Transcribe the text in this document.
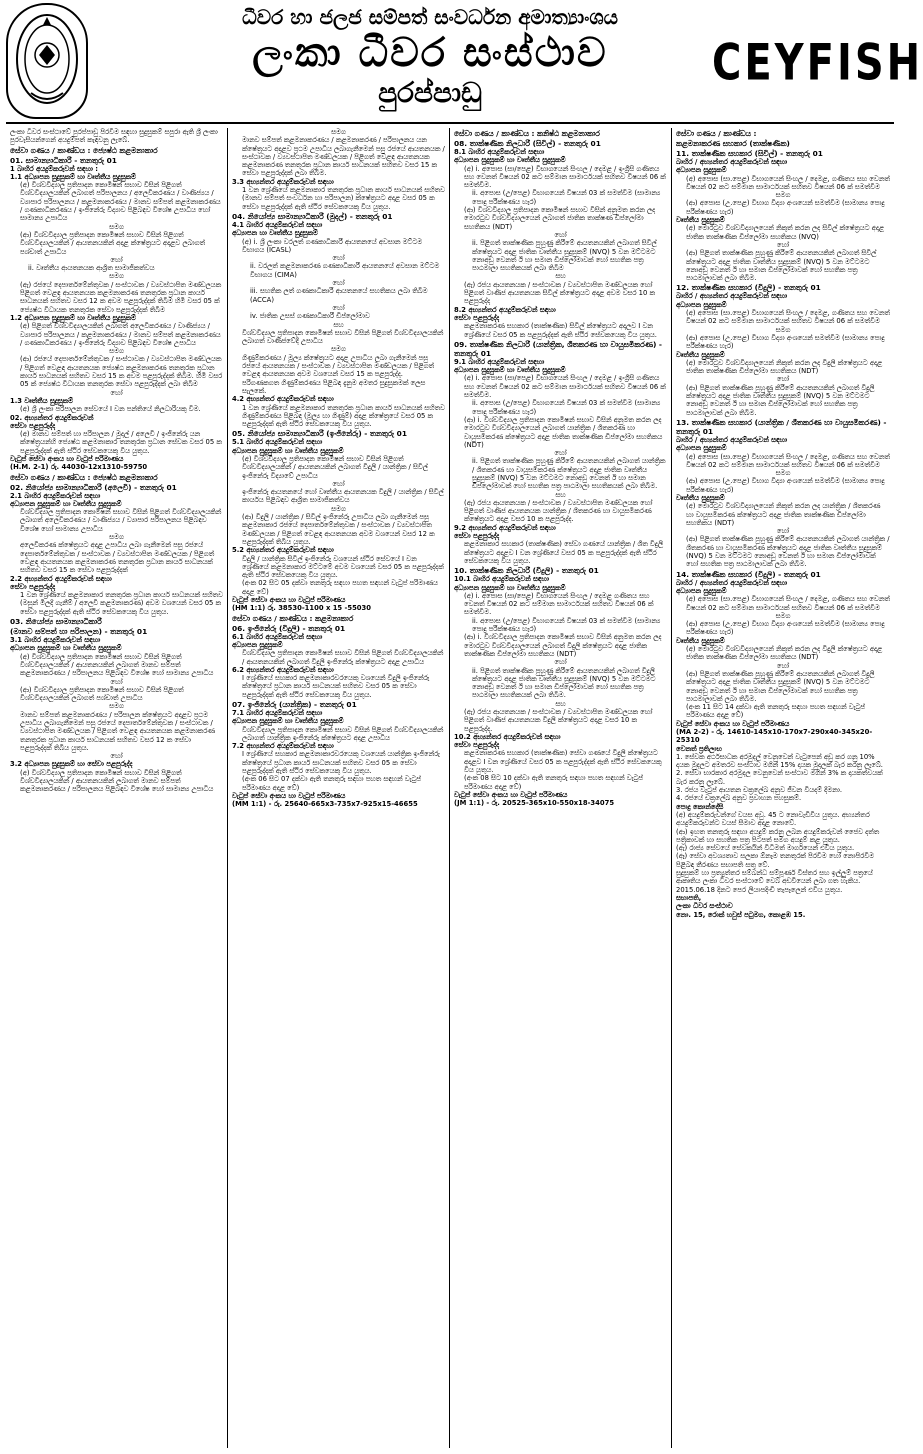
ධීවර හා ජලජ සම්පත් සංවර්ධන අමාත්‍යාංශය
ලංකා ධීවර සංස්ථාව
පුරප්පාඩු
CEYFISH

ලංකා ධීවර සංස්ථාවේ පුරප්පාඩු පිරවීම සඳහා සුදුසුකම් සපුරා ඇති ශ්‍රී ලංකා පුරවැසියන්ගෙන් අයදුම්පත් කැඳවනු ලැබේ.

සේවා ගණය / කාණ්ඩය : ජ්‍යෙෂ්ඨ කළමනාකාර

01. සාමාන්‍යාධිකාරී - තනතුරු 01

1 බාහිර අයදුම්කරුවන් සඳහා :

1.1 අධ්‍යාපන සුදුසුකම් හා වෘත්තීය සුදුසුකම්

(අ) විශ්වවිද්‍යාල ප්‍රතිපාදන කොමිෂන් සභාව විසින් පිළිගත් විශ්වවිද්‍යාලයකින් ලබාගත් පරිපාලනය / අලෙවිකරණය / වාණිජ්‍යය / ව්‍යාපාර පරිපාලනය / කළමනාකරණය / මානව සම්පත් කළමනාකරණය / ගණකාධිකරණය / ඉංජිනේරු විද්‍යාව පිළිබඳව විශේෂ උපාධිය හෝ සාමාන්‍ය උපාධිය

සමග

(ආ) විශ්වවිද්‍යාල ප්‍රතිපාදන කොමිෂන් සභාව විසින් පිළිගත් විශ්වවිද්‍යාලයකින් / ආයතනයකින් අදාළ ක්ෂේත්‍රයට අදාළව ලබාගත් පශ්චාත් උපාධිය

හෝ

ii. වෘත්තීය ආයතනයක ආශ්‍රිත සාමාජිකත්වය

සමග

(ඇ) රජයේ දෙපාර්තමේන්තුවක / සංස්ථාවක / ව්‍යවස්ථාපිත මණ්ඩලයක පිළිගත් වෙළඳ ආයතනයක කළමනාකරණ තනතුරක ප්‍රධාන කාර්ය සාධනයක් සහිතව වසර 12 ක අවම පළපුරුද්දක් තිබීම හිමි වසර 05 ක් ජ්‍යෙෂ්ඨ විධායක තනතුරක සේවා පළපුරුද්දක් තිබීම

1.2 අධ්‍යාපන සුදුසුකම් හා වෘත්තීය සුදුසුකම්

(අ) පිළිගත් විශ්වවිද්‍යාලයකින් ලබාගත් අලෙවිකරණය / වාණිජ්‍යය / ව්‍යාපාර පරිපාලනය / කළමනාකරණය / මානව සම්පත් කළමනාකරණය / ගණකාධිකරණය / ඉංජිනේරු විද්‍යාව පිළිබඳව විශේෂ උපාධිය

සමග

(ආ) රජයේ දෙපාර්තමේන්තුවක / සංස්ථාවක / ව්‍යවස්ථාපිත මණ්ඩලයක / පිළිගත් වෙළඳ ආයතනයක ජ්‍යෙෂ්ඨ කළමනාකරණ තනතුරක ප්‍රධාන කාර්ය සාධනයක් සහිතව වසර 15 ක අවම පළපුරුද්දක් තිබීම. හිමි වසර 05 ක් ජ්‍යෙෂ්ඨ විධායක තනතුරක සේවා පළපුරුද්දක් ලබා තිබීම

හෝ

1.3 වෘත්තීය සුදුසුකම්

(අ) ශ්‍රී ලංකා පරිපාලන සේවයේ I වන පන්තියේ නිලධාරියකු වීම.

02. අභ්‍යන්තර අයදුම්කරුවන්

සේවා පළපුරුද්ද

(අ) මානව සම්පත් හා පරිපාලන / මුදල් / අලෙවි / ඉංජිනේරු යන ක්ෂේත්‍රයන්හි ජ්‍යෙෂ්ඨ කළමනාකාර තනතුරක ප්‍රධාන සේවක වසර 05 ක පළපුරුද්දක් ඇති ස්ථිර සේවකයෙකු විය යුතුය.

වැටුප් සේවා අංකය හා වැටුප් පරිමාණය

(H.M. 2-1) රු. 44030-12x1310-59750

සේවා ගණය / කාණ්ඩය : ජ්‍යෙෂ්ඨ කළමනාකාර

02. නියෝජ්‍ය සාමාන්‍යාධිකාරී (අලෙවි) - තනතුරු 01

2.1 බාහිර අයදුම්කරුවන් සඳහා

අධ්‍යාපන සුදුසුකම් හා වෘත්තීය සුදුසුකම්

විශ්වවිද්‍යාල ප්‍රතිපාදන කොමිෂන් සභාව විසින් පිළිගත් විශ්වවිද්‍යාලයකින් ලබාගත් අලෙවිකරණය / වාණිජ්‍යය / ව්‍යාපාර පරිපාලනය පිළිබඳව විශේෂ හෝ සාමාන්‍ය උපාධිය

සමග

අලෙවිකරණ ක්ෂේත්‍රයට අදාළ උපාධිය ලබා ගැනීමෙන් පසු රජයේ දෙපාර්තමේන්තුවක / සංස්ථාවක / ව්‍යවස්ථාපිත මණ්ඩලයක / පිළිගත් වෙළඳ ආයතනයක කළමනාකරණ තනතුරක ප්‍රධාන කාර්ය සාධනයක් සහිතව වසර 15 ක සේවා පළපුරුද්දක්

2.2 අභ්‍යන්තර අයදුම්කරුවන් සඳහා

සේවා පළපුරුද්ද

1 වන ශ්‍රේණියේ කළමනාකාර තනතුරක ප්‍රධාන කාර්ය සාධනයක් සහිතව (මසුන් මිලදී ගැනීම් / අලෙවි කළමනාකරණ) අවම වශයෙන් වසර 05 ක සේවා පළපුරුද්දක් ඇති ස්ථිර සේවකයෙකු විය යුතුය.

03. නියෝජ්‍ය සාමාන්‍යාධිකාරී

(මානව සම්පත් හා පරිපාලන) - තනතුරු 01

3.1 බාහිර අයදුම්කරුවන් සඳහා

අධ්‍යාපන සුදුසුකම් හා වෘත්තීය සුදුසුකම්

(අ) විශ්වවිද්‍යාල ප්‍රතිපාදන කොමිෂන් සභාව විසින් පිළිගත් විශ්වවිද්‍යාලයකින් / ආයතනයකින් ලබාගත් මානව සම්පත් කළමනාකරණය / පරිපාලනය පිළිබඳව විශේෂ හෝ සාමාන්‍ය උපාධිය

හෝ

(ආ) විශ්වවිද්‍යාල ප්‍රතිපාදන කොමිෂන් සභාව විසින් පිළිගත් විශ්වවිද්‍යාලයකින් ලබාගත් පශ්චාත් උපාධිය

සමග

මානව සම්පත් කළමනාකරණය / පරිපාලන ක්ෂේත්‍රයට අදාළව ප්‍රථම උපාධිය ලබාගැනීමෙන් පසු රජයේ දෙපාර්තමේන්තුවක / සංස්ථාවක / ව්‍යවස්ථාපිත මණ්ඩලයක / පිළිගත් වෙළඳ ආයතනයක කළමනාකරණ තනතුරක ප්‍රධාන කාර්ය සාධනයක් සහිතව වසර 12 ක සේවා පළපුරුද්දක් තිබිය යුතුය.

හෝ

3.2 අධ්‍යාපන සුදුසුකම් හා සේවා පළපුරුද්ද

(අ) විශ්වවිද්‍යාල ප්‍රතිපාදන කොමිෂන් සභාව විසින් පිළිගත් විශ්වවිද්‍යාලයකින් / ආයතනයකින් ලබාගත් මානව සම්පත් කළමනාකරණය / පරිපාලනය පිළිබඳව විශේෂ හෝ සාමාන්‍ය උපාධිය

සමග

මානව සම්පත් කළමනාකරණය / කළමනාකරණ / පරිපාලනය යන ක්ෂේත්‍රයට අදාළව ප්‍රථම උපාධිය ලබාගැනීමෙන් පසු රජයේ ආයතනයක / සංස්ථාවක / ව්‍යවස්ථාපිත මණ්ඩලයක / පිළිගත් වෙළඳ ආයතනයක කළමනාකරණ තනතුරක ප්‍රධාන කාර්ය සාධනයක් සහිතව වසර 15 ක සේවා පළපුරුද්දක් ලබා තිබීම.

3.3 අභ්‍යන්තර අයදුම්කරුවන් සඳහා

1 වන ශ්‍රේණියේ කළමනාකාර තනතුරක ප්‍රධාන කාර්ය සාධනයක් සහිතව (මානව සම්පත් සංවර්ධන හා පරිපාලන) ක්ෂේත්‍රයට අදාළ වසර 05 ක සේවා පළපුරුද්දක් ඇති ස්ථිර සේවකයෙකු විය යුතුය.

04. නියෝජ්‍ය සාමාන්‍යාධිකාරී (මුදල්) - තනතුරු 01

4.1 බාහිර අයදුම්කරුවන් සඳහා

අධ්‍යාපන හා වෘත්තීය සුදුසුකම්

(අ) i. ශ්‍රී ලංකා වරලත් ගණකාධිකාරී ආයතනයේ අවසාන මට්ටම විභාගය (ICASL)

හෝ

ii. වරලත් කළමනාකරණ ගණකාධිකාරී ආයතනයේ අවසාන මට්ටම විභාගය (CIMA)

හෝ

iii. සහතික ලත් ගණකාධිකාරී ආයතනයේ සහතිකය ලබා තිබීම (ACCA)

හෝ

iv. ජාතික උසස් ගණකාධිකාරී ඩිප්ලෝමාව

සහ

විශ්වවිද්‍යාල ප්‍රතිපාදන කොමිෂන් සභාව විසින් පිළිගත් විශ්වවිද්‍යාලයකින් ලබාගත් වාණිජවේදී උපාධිය

සමග

ගිණුම්කරණය / මූල්‍ය ක්ෂේත්‍රයට අදාළ උපාධිය ලබා ගැනීමෙන් පසු රජයේ ආයතනයක / සංස්ථාවක / ව්‍යවස්ථාපිත මණ්ඩලයක / පිළිගත් වෙළඳ ආයතනයක අවම වශයෙන් වසර 15 ක පළපුරුද්ද.

පරිගණකගත ගිණුම්කරණය පිළිබඳ දැනුම අමතර සුදුසුකමක් ලෙස සැලකේ.

4.2 අභ්‍යන්තර අයදුම්කරුවන් සඳහා

1 වන ශ්‍රේණියේ කළමනාකාර තනතුරක ප්‍රධාන කාර්ය සාධනයක් සහිතව ගිණුම්කරණය පිළිබඳ (මූල්‍ය හා ගිණුම්) අදාළ ක්ෂේත්‍රයේ වසර 05 ක පළපුරුද්දක් ඇති ස්ථිර සේවකයෙකු විය යුතුය.

05. නියෝජ්‍ය සාමාන්‍යාධිකාරී (ඉංජිනේරු) - තනතුරු 01

5.1 බාහිර අයදුම්කරුවන් සඳහා

අධ්‍යාපන සුදුසුකම් හා වෘත්තීය සුදුසුකම්

(අ) විශ්වවිද්‍යාල ප්‍රතිපාදන කොමිෂන් සභාව විසින් පිළිගත් විශ්වවිද්‍යාලයකින් / ආයතනයකින් ලබාගත් විදුලි / යාන්ත්‍රික / සිවිල් ඉංජිනේරු විද්‍යාවේ උපාධිය

හෝ

ඉංජිනේරු ආයතනයේ හෝ වෘත්තීය ආයතනයක විදුලි / යාන්ත්‍රික / සිවිල් කාර්යය පිළිබඳව ආශ්‍රිත සාමාජිකත්වය

සමග

(ආ) විදුලි / යාන්ත්‍රික / සිවිල් ඉංජිනේරු උපාධිය ලබා ගැනීමෙන් පසු කළමනාකාර රජයේ දෙපාර්තමේන්තුවක / සංස්ථාවක / ව්‍යවස්ථාපිත මණ්ඩලයක / පිළිගත් වෙළඳ ආයතනයක අවම වශයෙන් වසර 12 ක පළපුරුද්දක් තිබිය යුතුය.

5.2 අභ්‍යන්තර අයදුම්කරුවන් සඳහා

විදුලි / යාන්ත්‍රික සිවිල් ඉංජිනේරු වශයෙන් ස්ථිර සේවයේ I වන ශ්‍රේණියේ කළමනාකාර මට්ටමේ අවම වශයෙන් වසර 05 ක පළපුරුද්දක් ඇති ස්ථිර සේවකයෙකු විය යුතුය.

(අංක 02 සිට 05 දක්වා තනතුරු සඳහා පහත සඳහන් වැටුප් පරිමාණය අදාළ වේ)

වැටුප් සේවා අංකය හා වැටුප් පරිමාණය

(HM 1:1) රු. 38530-1100 x 15 -55030

සේවා ගණය / කාණ්ඩය : කළමනාකාර

06. ඉංජිනේරු (විදුලි) - තනතුරු 01

6.1 බාහිර අයදුම්කරුවන් සඳහා

අධ්‍යාපන සුදුසුකම්

විශ්වවිද්‍යාල ප්‍රතිපාදන කොමිෂන් සභාව විසින් පිළිගත් විශ්වවිද්‍යාලයකින් / ආයතනයකින් ලබාගත් විදුලි ඉංජිනේරු ක්ෂේත්‍රයට අදාළ උපාධිය

6.2 අභ්‍යන්තර අයදුම්කරුවන් සඳහා

I ශ්‍රේණියේ සහකාර කළමනාකාරවරයෙකු වශයෙන් විදුලි ඉංජිනේරු ක්ෂේත්‍රයේ ප්‍රධාන කාර්ය සාධනයක් සහිතව වසර 05 ක සේවා පළපුරුද්දක් ඇති ස්ථිර සේවකයෙකු විය යුතුය.

07. ඉංජිනේරු (යාන්ත්‍රික) - තනතුරු 01

7.1 බාහිර අයදුම්කරුවන් සඳහා

අධ්‍යාපන සුදුසුකම් හා වෘත්තීය සුදුසුකම්

විශ්වවිද්‍යාල ප්‍රතිපාදන කොමිෂන් සභාව විසින් පිළිගත් විශ්වවිද්‍යාලයකින් ලබාගත් යාන්ත්‍රික ඉංජිනේරු ක්ෂේත්‍රයට අදාළ උපාධිය

7.2 අභ්‍යන්තර අයදුම්කරුවන් සඳහා

I ශ්‍රේණියේ සහකාර කළමනාකාරවරයෙකු වශයෙන් යාන්ත්‍රික ඉංජිනේරු ක්ෂේත්‍රයේ ප්‍රධාන කාර්ය සාධනයක් සහිතව වසර 05 ක සේවා පළපුරුද්දක් ඇති ස්ථිර සේවකයෙකු විය යුතුය.

(අංක 06 සිට 07 දක්වා ඇති තනතුරු සඳහා පහත සඳහන් වැටුප් පරිමාණය අදාළ වේ)

වැටුප් සේවා අංකය හා වැටුප් පරිමාණය

(MM 1:1) - රු. 25640-665x3-735x7-925x15-46655

සේවා ගණය / කාණ්ඩය : කනිෂ්ඨ කළමනාකාර

08. තාක්ෂණික නිලධාරී (සිවිල්) - තනතුරු 01

8.1 බාහිර අයදුම්කරුවන් සඳහා

අධ්‍යාපන සුදුසුකම් හා වෘත්තීය සුදුසුකම්

(අ) i. අපොස (සා/පෙළ) විභාගයෙන් සිංහල / දෙමළ / ඉංග්‍රීසි ගණිතය සහ වෙනත් විෂයන් 02 කට සම්මාන සාමාර්ථයක් සහිතව විෂයන් 06 ක් සමත්වීම.

ii. අපොස (උ/පෙළ) විභාගයෙන් විෂයන් 03 ක් සමත්වීම (සාමාන්‍ය පොදු පරීක්ෂණය හැර)

(ආ) විශ්වවිද්‍යාල ප්‍රතිපාදන කොමිෂන් සභාව විසින් අනුමත කරන ලද මොරටුව විශ්වවිද්‍යාලයෙන් ලබාගත් ජාතික තාක්ෂණ ඩිප්ලෝමා සහතිකය (NDT)

හෝ

ii. පිළිගත් තාක්ෂණික පුහුණු කිරීමේ ආයතනයකින් ලබාගත් සිවිල් ක්ෂේත්‍රයට අදාළ ජාතික වෘත්තීය සුදුසුකම් (NVQ) 5 වන මට්ටමට නොඅඩු වෙනත් ඊ හා සමාන ඩිප්ලෝමාවක් හෝ සහතික පත්‍ර පාඨමාලා සහතිකයක් ලබා තිබීම

සහ

(ඇ) රජය ආයතනයක / සංස්ථාවක / ව්‍යවස්ථාපිත මණ්ඩලයක හෝ පිළිගත් වාණිජ ආයතනයක සිවිල් ක්ෂේත්‍රයට අදාළ අවම වසර 10 ක පළපුරුද්ද

8.2 අභ්‍යන්තර අයදුම්කරුවන් සඳහා

සේවා පළපුරුද්ද

කළමනාකරණ සහකාර (තාක්ෂණික) සිවිල් ක්ෂේත්‍රයට අදාලව I වන ශ්‍රේණියේ වසර 05 ක පළපුරුද්දක් ඇති ස්ථිර සේවකයෙකු විය යුතුය.

09. තාක්ෂණික නිලධාරී (යාන්ත්‍රික, ශීතකරණ හා වායුසමීකරණ) - තනතුරු 01

9.1 බාහිර අයදුම්කරුවන් සඳහා

අධ්‍යාපන සුදුසුකම් හා වෘත්තීය සුදුසුකම්

(අ) i. අපොස (සා/පෙළ) විභාගයෙන් සිංහල / දෙමළ / ඉංග්‍රීසි ගණිතය සහ වෙනත් විෂයන් 02 කට සම්මාන සාමාර්ථයක් සහිතව විෂයන් 06 ක් සමත්වීම.

ii. අපොස (උ/පෙළ) විභාගයෙන් විෂයන් 03 ක් සමත්වීම (සාමාන්‍ය පොදු පරීක්ෂණය හැර)

(ආ) i. විශ්වවිද්‍යාල ප්‍රතිපාදන කොමිෂන් සභාව විසින් අනුමත කරන ලද මොරටුව විශ්වවිද්‍යාලයෙන් ලබාගත් යාන්ත්‍රික / ශීතකරණ හා වායුසමීකරණ ක්ෂේත්‍රයට අදාළ ජාතික තාක්ෂණික ඩිප්ලෝමා සහතිකය (NDT)

හෝ

ii. පිළිගත් තාක්ෂණික පුහුණු කිරීමේ ආයතනයකින් ලබාගත් යාන්ත්‍රික / ශීතකරණ හා වායුසමීකරණ ක්ෂේත්‍රයට අදාළ ජාතික වෘත්තීය සුදුසුකම් (NVQ) 5 වන මට්ටමට නොඅඩු වෙනත් ඊ හා සමාන ඩිප්ලෝමාවක් හෝ සහතික පත්‍ර පාඨමාලා සහතිකයක් ලබා තිබීම.

සහ

(ඇ) රජය ආයතනයක / සංස්ථාවක / ව්‍යවස්ථාපිත මණ්ඩලයක හෝ පිළිගත් වාණිජ ආයතනයක යාන්ත්‍රික / ශීතකරණ හා වායුසමීකරණ ක්ෂේත්‍රයට අදාළ වසර 10 ක පළපුරුද්ද.

9.2 අභ්‍යන්තර අයදුම්කරුවන් සඳහා

සේවා පළපුරුද්ද

කළමනාකාර සහකාර (තාක්ෂණික) සේවා ගණයේ යාන්ත්‍රික / ශීත විදුලි ක්ෂේත්‍රයට අදාළව I වන ශ්‍රේණියේ වසර 05 ක පළපුරුද්දක් ඇති ස්ථිර සේවකයෙකු විය යුතුය.

10. තාක්ෂණික නිලධාරී (විදුලි) - තනතුරු 01

10.1 බාහිර අයදුම්කරුවන් සඳහා

අධ්‍යාපන සුදුසුකම් හා වෘත්තීය සුදුසුකම්

(අ) i. අපොස (සා/පෙළ) විභාගයෙන් සිංහල / දෙමළ ගණිතය සහ වෙනත් විෂයන් 02 කට සම්මාන සාමාර්ථයක් සහිතව විෂයන් 06 ක් සමත්වීම.

ii. අපොස (උ/පෙළ) විභාගයෙන් විෂයන් 03 ක් සමත්වීම (සාමාන්‍ය පොදු පරීක්ෂණය හැර)

(ආ) i. විශ්වවිද්‍යාල ප්‍රතිපාදන කොමිෂන් සභාව විසින් අනුමත කරන ලද මොරටුව විශ්වවිද්‍යාලයෙන් ලබාගත් විදුලි ක්ෂේත්‍රයට අදාළ ජාතික තාක්ෂණික ඩිප්ලෝමා සහතිකය (NDT)

හෝ

ii. පිළිගත් තාක්ෂණික පුහුණු කිරීමේ ආයතනයකින් ලබාගත් විදුලි ක්ෂේත්‍රයට අදාළ ජාතික වෘත්තීය සුදුසුකම් (NVQ) 5 වන මට්ටමට නොඅඩු වෙනත් ඊ හා සමාන ඩිප්ලෝමාවක් හෝ සහතික පත්‍ර පාඨමාලා සහතිකයක් ලබා තිබීම.

සහ

(ඇ) රජය ආයතනයක / සංස්ථාවක / ව්‍යවස්ථාපිත මණ්ඩලයක හෝ පිළිගත් වාණිජ ආයතනයක විදුලි ක්ෂේත්‍රයට අදාළ වසර 10 ක පළපුරුද්ද.

10.2 අභ්‍යන්තර අයදුම්කරුවන් සඳහා

සේවා පළපුරුද්ද

කළමනාකරණ සහකාර (තාක්ෂණික) සේවා ගණයේ විදුලි ක්ෂේත්‍රයට අදාළව I වන ශ්‍රේණියේ වසර 05 ක පළපුරුද්දක් ඇති ස්ථිර සේවකයෙකු විය යුතුය.

(අංක 08 සිට 10 දක්වා ඇති තනතුරු සඳහා පහත සඳහන් වැටුප් පරිමාණය අදාළ වේ)

වැටුප් සේවා අංකය හා වැටුප් පරිමාණය

(JM 1:1) - රු. 20525-365x10-550x18-34075

සේවා ගණය / කාණ්ඩය :

කළමනාකරණ සහකාර (තාක්ෂණික)

11. තාක්ෂණික සහකාර (සිවිල්) - තනතුරු 01

බාහිර / අභ්‍යන්තර අයදුම්කරුවන් සඳහා

අධ්‍යාපන සුදුසුකම්

(අ) අපොස (සා.පෙළ) විභාගයෙන් සිංහල / දෙමළ, ගණිතය සහ වෙනත් විෂයන් 02 කට සම්මාන සාමාර්ථයක් සහිතව විෂයන් 06 ක් සමත්වීම

සමග

(ආ) අපොස (උ.පෙළ) විභාග විද්‍යා අංශයෙන් සමත්වීම (සාමාන්‍ය පොදු පරීක්ෂණය හැර)

වෘත්තීය සුදුසුකම්

(අ) මොරටුව විශ්වවිද්‍යාලයෙන් නිකුත් කරන ලද සිවිල් ක්ෂේත්‍රයට අදාළ ජාතික තාක්ෂණික ඩිප්ලෝමා සහතිකය (NVQ)

හෝ

(ආ) පිළිගත් තාක්ෂණික පුහුණු කිරීමේ ආයතනයකින් ලබාගත් සිවිල් ක්ෂේත්‍රයට අදාළ ජාතික වෘත්තීය සුදුසුකම් (NVQ) 5 වන මට්ටමට නොඅඩු වෙනත් ඊ හා සමාන ඩිප්ලෝමාවක් හෝ සහතික පත්‍ර පාඨමාලාවක් ලබා තිබීම.

12. තාක්ෂණික සහකාර (විදුලි) - තනතුරු 01

බාහිර / අභ්‍යන්තර අයදුම්කරුවන් සඳහා

අධ්‍යාපන සුදුසුකම්

(අ) අපොස (සා.පෙළ) විභාගයෙන් සිංහල / දෙමළ, ගණිතය සහ වෙනත් විෂයන් 02 කට සම්මාන සාමාර්ථයක් සහිතව විෂයන් 06 ක් සමත්වීම

සමග

(ආ) අපොස (උ.පෙළ) විභාග විද්‍යා අංශයෙන් සමත්වීම (සාමාන්‍ය පොදු පරීක්ෂණය හැර)

වෘත්තීය සුදුසුකම්

(අ) මොරටුව විශ්වවිද්‍යාලයෙන් නිකුත් කරන ලද විදුලි ක්ෂේත්‍රයට අදාළ ජාතික තාක්ෂණික ඩිප්ලෝමා සහතිකය (NDT)

හෝ

(ආ) පිළිගත් තාක්ෂණික පුහුණු කිරීමේ ආයතනයකින් ලබාගත් විදුලි ක්ෂේත්‍රයට අදාළ ජාතික වෘත්තීය සුදුසුකම් (NVQ) 5 වන මට්ටමට නොඅඩු වෙනත් ඊ හා සමාන ඩිප්ලෝමාවක් හෝ සහතික පත්‍ර පාඨමාලාවක් ලබා තිබීම.

13. තාක්ෂණික සහකාර (යාන්ත්‍රික / ශීතකරණ හා වායුසමීකරණ) - තනතුරු 01

බාහිර / අභ්‍යන්තර අයදුම්කරුවන් සඳහා

අධ්‍යාපන සුදුසුකම්

(අ) අපොස (සා.පෙළ) විභාගයෙන් සිංහල / දෙමළ, ගණිතය සහ වෙනත් විෂයන් 02 කට සම්මාන සාමාර්ථයක් සහිතව විෂයන් 06 ක් සමත්වීම

සමග

(ආ) අපොස (උ.පෙළ) විභාග විද්‍යා අංශයෙන් සමත්වීම (සාමාන්‍ය පොදු පරීක්ෂණය හැර)

වෘත්තීය සුදුසුකම්

(අ) මොරටුව විශ්වවිද්‍යාලයෙන් නිකුත් කරන ලද යාන්ත්‍රික / ශීතකරණ හා වායුසමීකරණ ක්ෂේත්‍රයට අදාළ ජාතික තාක්ෂණික ඩිප්ලෝමා සහතිකය (NDT)

හෝ

(ආ) පිළිගත් තාක්ෂණික පුහුණු කිරීමේ ආයතනයකින් ලබාගත් යාන්ත්‍රික / ශීතකරණ හා වායුසමීකරණ ක්ෂේත්‍රයට අදාළ ජාතික වෘත්තීය සුදුසුකම් (NVQ) 5 වන මට්ටමට නොඅඩු වෙනත් ඊ හා සමාන ඩිප්ලෝමාවක් හෝ සහතික පත්‍ර පාඨමාලාවක් ලබා තිබීම.

14. තාක්ෂණික සහකාර (විදුලි) - තනතුරු 01

බාහිර / අභ්‍යන්තර අයදුම්කරුවන් සඳහා

අධ්‍යාපන සුදුසුකම්

(අ) අපොස (සා.පෙළ) විභාගයෙන් සිංහල / දෙමළ, ගණිතය සහ වෙනත් විෂයන් 02 කට සම්මාන සාමාර්ථයක් සහිතව විෂයන් 06 ක් සමත්වීම

සමග

(ආ) අපොස (උ.පෙළ) විභාග විද්‍යා අංශයෙන් සමත්වීම (සාමාන්‍ය පොදු පරීක්ෂණය හැර)

වෘත්තීය සුදුසුකම්

(අ) මොරටුව විශ්වවිද්‍යාලයෙන් නිකුත් කරන ලද විදුලි ක්ෂේත්‍රයට අදාළ ජාතික තාක්ෂණික ඩිප්ලෝමා සහතිකය (NDT)

හෝ

(ආ) පිළිගත් තාක්ෂණික පුහුණු කිරීමේ ආයතනයකින් ලබාගත් විදුලි ක්ෂේත්‍රයට අදාළ ජාතික වෘත්තීය සුදුසුකම් (NVQ) 5 වන මට්ටමට නොඅඩු වෙනත් ඊ හා සමාන ඩිප්ලෝමාවක් හෝ සහතික පත්‍ර පාඨමාලාවක් ලබා තිබීම.

(අංක 11 සිට 14 දක්වා ඇති තනතුරු සඳහා පහත සඳහන් වැටුප් පරිමාණය අදාළ වේ)

වැටුප් සේවා අංකය හා වැටුප් පරිමාණය

(MA 2-2) - රු. 14610-145x10-170x7-290x40-345x20-25310

වෙනත් ප්‍රතිලාභ

1. සේවක අර්ථසාධක අරමුදල් වෙනුවෙන් වැටුපෙන් අඩු කර ගනු 10% දායක මුදලට අමතරව සංස්ථාව මගින් 15% දායක මුදලක් බැර කරනු ලැබේ.

2. සේවා භාරකාර අරමුදල වෙනුවෙන් සංස්ථාව මගින් 3% ක දායකත්වයක් බැර කරනු ලැබේ.

3. රජය වැටුප් ආයතන චක්‍රලේඛ අනුව ජීවන වියදම් දීමනා.

4. රජයේ චක්‍රලේඛ අනුව ප්‍රවාහන පහසුකම්.

පොදු කොන්දේසි

(අ) අයදුම්කරුවන්ගේ වයස අවු. 45 ට නොවැඩිවිය යුතුය. අභ්‍යන්තර අයදුම්කරුවන්ට වයස් සීමාව අදාළ නොවේ.

(ආ) ඉහත තනතුරු සඳහා අයදුම් කරනු ලබන අයදුම්කරුවන් ජෛව දත්ත පත්‍රිකාවක් හා සහතික පත්‍ර පිටපත් සමග අයදුම් කළ යුතුය.

(ඇ) රාජ්‍ය සේවයේ සේවකයින් විධිමත් මාර්ගයෙන් එවිය යුතුය.

(ඈ) සේවා අවශ්‍යතාව සලකා ඕනෑම තනතුරක් පිරවීම හෝ නොපිරවීම පිළිබඳ තීරණය සභාපති සතු වේ.

සුදුසුකම් හා ප්‍රත්‍යුත්තර සම්බන්ධ සම්පූර්ණ විස්තර සහ ඉල්ලුම් පත්‍රයේ ආකෘතිය ලංකා ධීවර සංස්ථාවේ වෙබ් අඩවියෙන් ලබා ගත හැකිය. 2015.06.18 දිනට පෙර ලියාපදිංචි තැපෑලෙන් එවිය යුතුය.

සභාපති,

ලංකා ධීවර සංස්ථාව

නො. 15, රොක් හවුස් පටුමග, කොළඹ 15.
